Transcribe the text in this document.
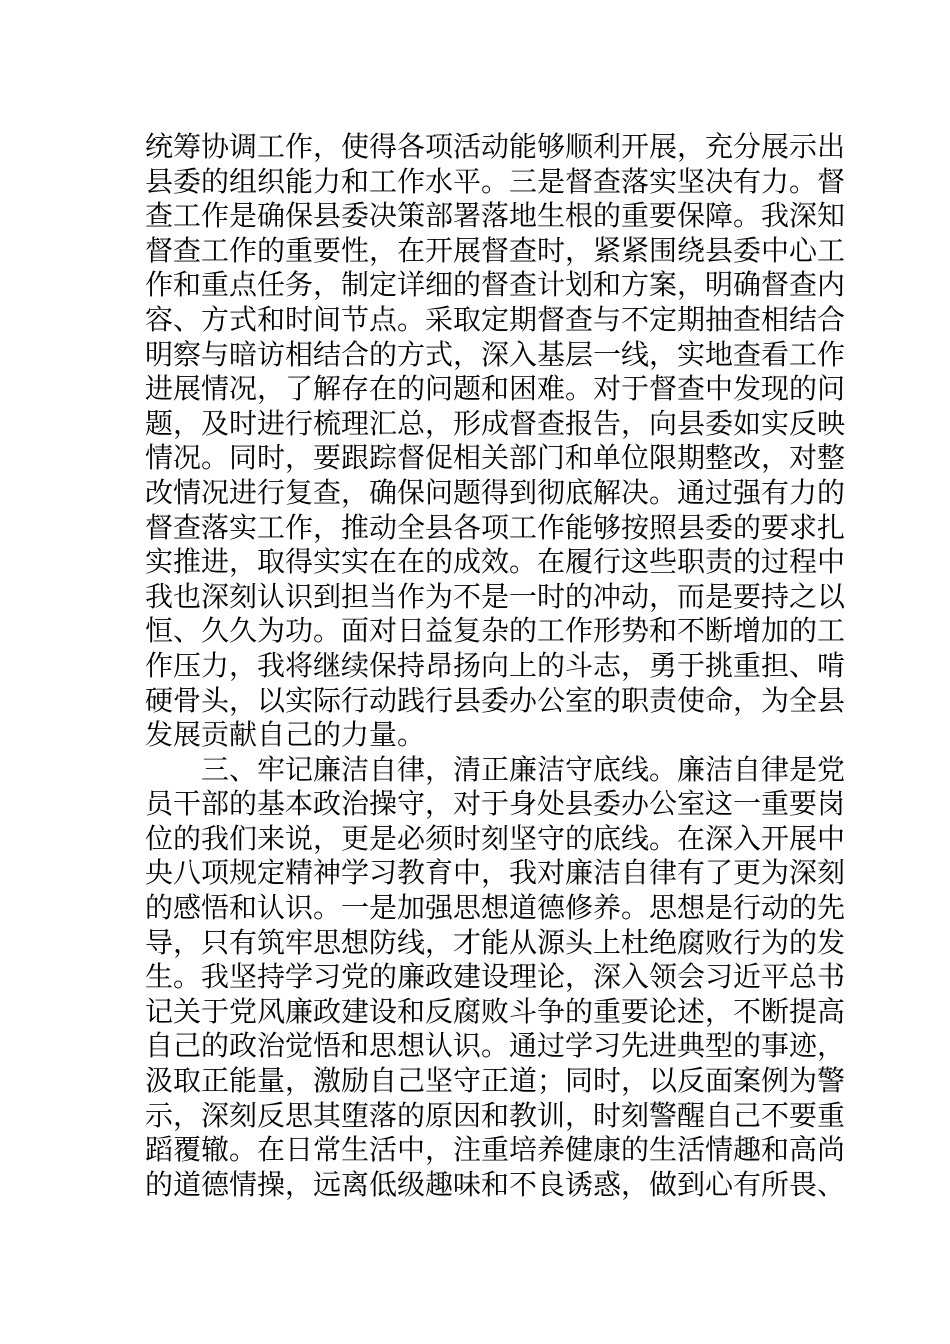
统筹协调工作，使得各项活动能够顺利开展，充分展示出
县委的组织能力和工作水平。三是督查落实坚决有力。督
查工作是确保县委决策部署落地生根的重要保障。我深知
督查工作的重要性，在开展督查时，紧紧围绕县委中心工
作和重点任务，制定详细的督查计划和方案，明确督查内
容、方式和时间节点。采取定期督查与不定期抽查相结合
明察与暗访相结合的方式，深入基层一线，实地查看工作
进展情况，了解存在的问题和困难。对于督查中发现的问
题，及时进行梳理汇总，形成督查报告，向县委如实反映
情况。同时，要跟踪督促相关部门和单位限期整改，对整
改情况进行复查，确保问题得到彻底解决。通过强有力的
督查落实工作，推动全县各项工作能够按照县委的要求扎
实推进，取得实实在在的成效。在履行这些职责的过程中
我也深刻认识到担当作为不是一时的冲动，而是要持之以
恒、久久为功。面对日益复杂的工作形势和不断增加的工
作压力，我将继续保持昂扬向上的斗志，勇于挑重担、啃
硬骨头，以实际行动践行县委办公室的职责使命，为全县
发展贡献自己的力量。
三、牢记廉洁自律，清正廉洁守底线。廉洁自律是党
员干部的基本政治操守，对于身处县委办公室这一重要岗
位的我们来说，更是必须时刻坚守的底线。在深入开展中
央八项规定精神学习教育中，我对廉洁自律有了更为深刻
的感悟和认识。一是加强思想道德修养。思想是行动的先
导，只有筑牢思想防线，才能从源头上杜绝腐败行为的发
生。我坚持学习党的廉政建设理论，深入领会习近平总书
记关于党风廉政建设和反腐败斗争的重要论述，不断提高
自己的政治觉悟和思想认识。通过学习先进典型的事迹，
汲取正能量，激励自己坚守正道；同时，以反面案例为警
示，深刻反思其堕落的原因和教训，时刻警醒自己不要重
蹈覆辙。在日常生活中，注重培养健康的生活情趣和高尚
的道德情操，远离低级趣味和不良诱惑，做到心有所畏、
